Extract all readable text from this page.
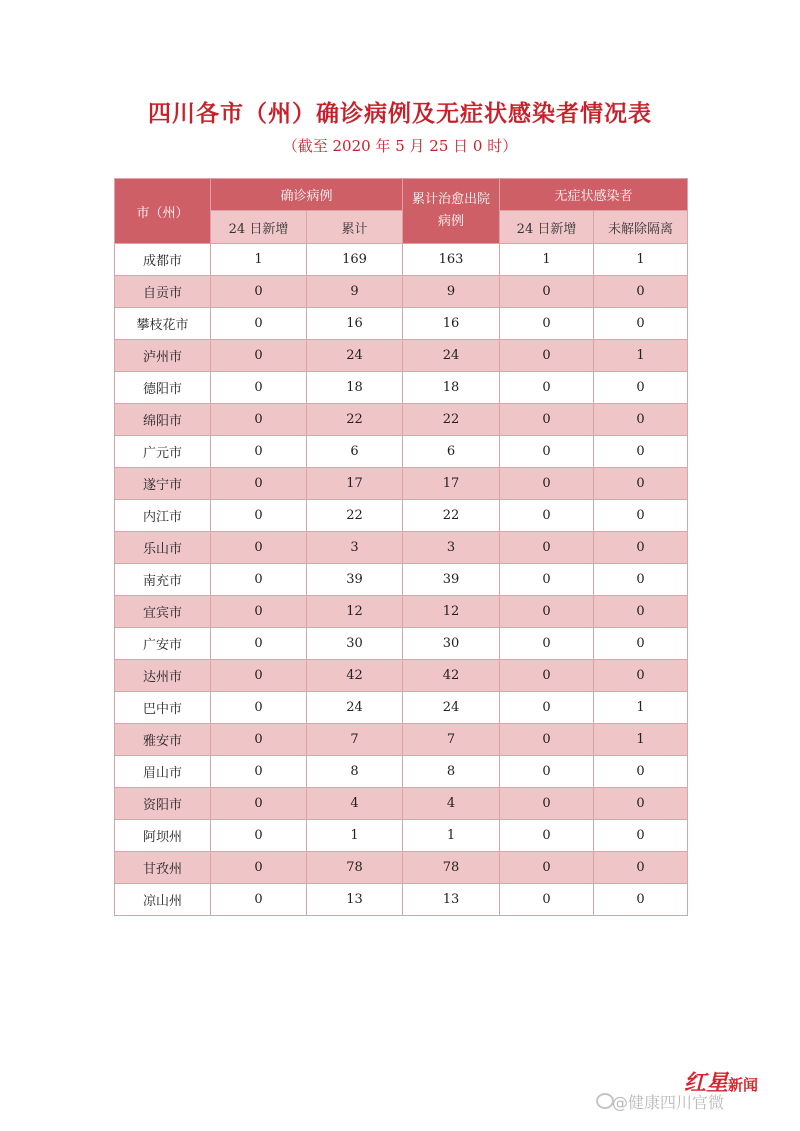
四川各市（州）确诊病例及无症状感染者情况表
（截至 2020 年 5 月 25 日 0 时）
市（州）	确诊病例		累计治愈出院病例	无症状感染者	
	24 日新增	累计		24 日新增	未解除隔离
成都市	1	169	163	1	1
自贡市	0	9	9	0	0
攀枝花市	0	16	16	0	0
泸州市	0	24	24	0	1
德阳市	0	18	18	0	0
绵阳市	0	22	22	0	0
广元市	0	6	6	0	0
遂宁市	0	17	17	0	0
内江市	0	22	22	0	0
乐山市	0	3	3	0	0
南充市	0	39	39	0	0
宜宾市	0	12	12	0	0
广安市	0	30	30	0	0
达州市	0	42	42	0	0
巴中市	0	24	24	0	1
雅安市	0	7	7	0	1
眉山市	0	8	8	0	0
资阳市	0	4	4	0	0
阿坝州	0	1	1	0	0
甘孜州	0	78	78	0	0
凉山州	0	13	13	0	0
@健康四川官微
红星新闻
